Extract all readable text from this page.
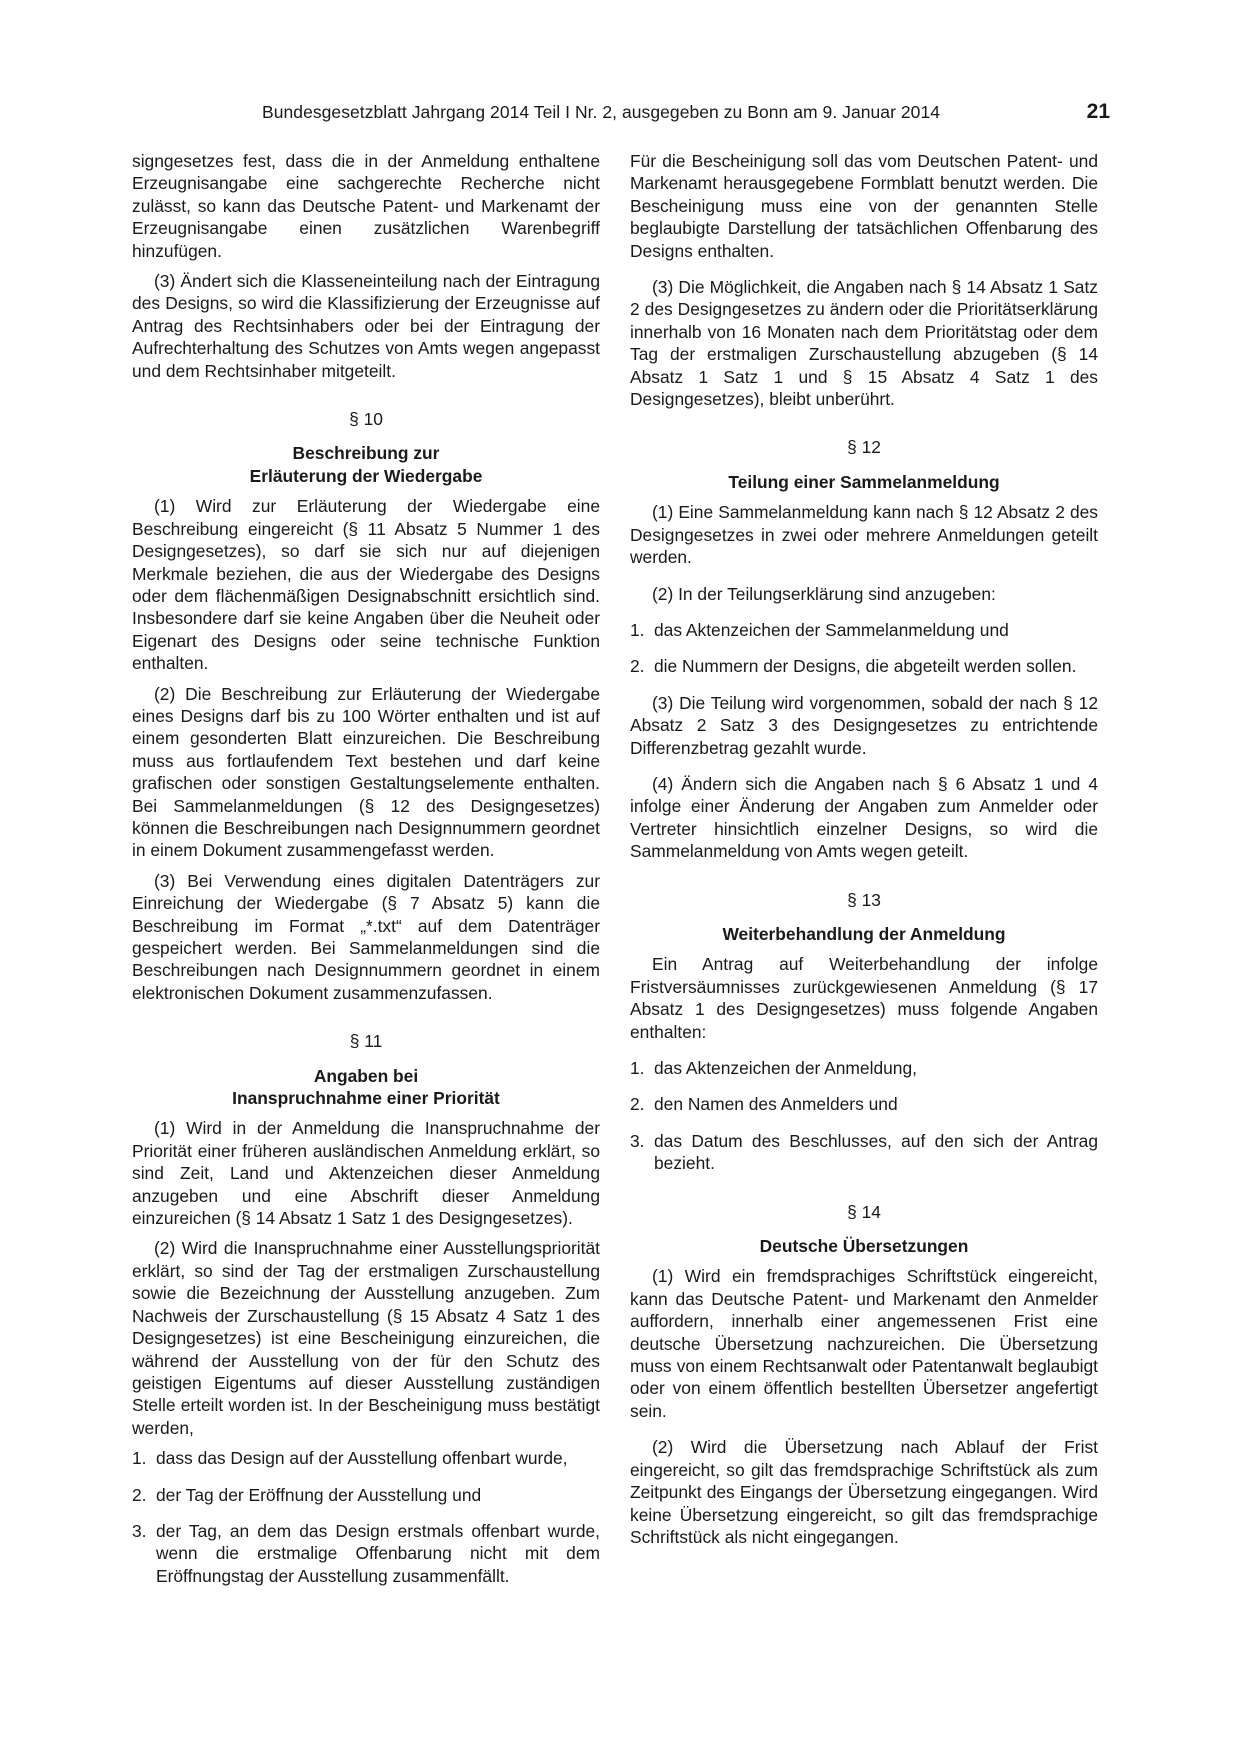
Bundesgesetzblatt Jahrgang 2014 Teil I Nr. 2, ausgegeben zu Bonn am 9. Januar 2014	21

signgesetzes fest, dass die in der Anmeldung enthaltene Erzeugnisangabe eine sachgerechte Recherche nicht zulässt, so kann das Deutsche Patent- und Markenamt der Erzeugnisangabe einen zusätzlichen Warenbegriff hinzufügen.

(3) Ändert sich die Klasseneinteilung nach der Eintragung des Designs, so wird die Klassifizierung der Erzeugnisse auf Antrag des Rechtsinhabers oder bei der Eintragung der Aufrechterhaltung des Schutzes von Amts wegen angepasst und dem Rechtsinhaber mitgeteilt.

§ 10

Beschreibung zur
Erläuterung der Wiedergabe

(1) Wird zur Erläuterung der Wiedergabe eine Beschreibung eingereicht (§ 11 Absatz 5 Nummer 1 des Designgesetzes), so darf sie sich nur auf diejenigen Merkmale beziehen, die aus der Wiedergabe des Designs oder dem flächenmäßigen Designabschnitt ersichtlich sind. Insbesondere darf sie keine Angaben über die Neuheit oder Eigenart des Designs oder seine technische Funktion enthalten.

(2) Die Beschreibung zur Erläuterung der Wiedergabe eines Designs darf bis zu 100 Wörter enthalten und ist auf einem gesonderten Blatt einzureichen. Die Beschreibung muss aus fortlaufendem Text bestehen und darf keine grafischen oder sonstigen Gestaltungselemente enthalten. Bei Sammelanmeldungen (§ 12 des Designgesetzes) können die Beschreibungen nach Designnummern geordnet in einem Dokument zusammengefasst werden.

(3) Bei Verwendung eines digitalen Datenträgers zur Einreichung der Wiedergabe (§ 7 Absatz 5) kann die Beschreibung im Format „*.txt“ auf dem Datenträger gespeichert werden. Bei Sammelanmeldungen sind die Beschreibungen nach Designnummern geordnet in einem elektronischen Dokument zusammenzufassen.

§ 11

Angaben bei
Inanspruchnahme einer Priorität

(1) Wird in der Anmeldung die Inanspruchnahme der Priorität einer früheren ausländischen Anmeldung erklärt, so sind Zeit, Land und Aktenzeichen dieser Anmeldung anzugeben und eine Abschrift dieser Anmeldung einzureichen (§ 14 Absatz 1 Satz 1 des Designgesetzes).

(2) Wird die Inanspruchnahme einer Ausstellungspriorität erklärt, so sind der Tag der erstmaligen Zurschaustellung sowie die Bezeichnung der Ausstellung anzugeben. Zum Nachweis der Zurschaustellung (§ 15 Absatz 4 Satz 1 des Designgesetzes) ist eine Bescheinigung einzureichen, die während der Ausstellung von der für den Schutz des geistigen Eigentums auf dieser Ausstellung zuständigen Stelle erteilt worden ist. In der Bescheinigung muss bestätigt werden,

1. dass das Design auf der Ausstellung offenbart wurde,
2. der Tag der Eröffnung der Ausstellung und
3. der Tag, an dem das Design erstmals offenbart wurde, wenn die erstmalige Offenbarung nicht mit dem Eröffnungstag der Ausstellung zusammenfällt.

Für die Bescheinigung soll das vom Deutschen Patent- und Markenamt herausgegebene Formblatt benutzt werden. Die Bescheinigung muss eine von der genannten Stelle beglaubigte Darstellung der tatsächlichen Offenbarung des Designs enthalten.

(3) Die Möglichkeit, die Angaben nach § 14 Absatz 1 Satz 2 des Designgesetzes zu ändern oder die Prioritätserklärung innerhalb von 16 Monaten nach dem Prioritätstag oder dem Tag der erstmaligen Zurschaustellung abzugeben (§ 14 Absatz 1 Satz 1 und § 15 Absatz 4 Satz 1 des Designgesetzes), bleibt unberührt.

§ 12

Teilung einer Sammelanmeldung

(1) Eine Sammelanmeldung kann nach § 12 Absatz 2 des Designgesetzes in zwei oder mehrere Anmeldungen geteilt werden.

(2) In der Teilungserklärung sind anzugeben:

1. das Aktenzeichen der Sammelanmeldung und
2. die Nummern der Designs, die abgeteilt werden sollen.

(3) Die Teilung wird vorgenommen, sobald der nach § 12 Absatz 2 Satz 3 des Designgesetzes zu entrichtende Differenzbetrag gezahlt wurde.

(4) Ändern sich die Angaben nach § 6 Absatz 1 und 4 infolge einer Änderung der Angaben zum Anmelder oder Vertreter hinsichtlich einzelner Designs, so wird die Sammelanmeldung von Amts wegen geteilt.

§ 13

Weiterbehandlung der Anmeldung

Ein Antrag auf Weiterbehandlung der infolge Fristversäumnisses zurückgewiesenen Anmeldung (§ 17 Absatz 1 des Designgesetzes) muss folgende Angaben enthalten:

1. das Aktenzeichen der Anmeldung,
2. den Namen des Anmelders und
3. das Datum des Beschlusses, auf den sich der Antrag bezieht.

§ 14

Deutsche Übersetzungen

(1) Wird ein fremdsprachiges Schriftstück eingereicht, kann das Deutsche Patent- und Markenamt den Anmelder auffordern, innerhalb einer angemessenen Frist eine deutsche Übersetzung nachzureichen. Die Übersetzung muss von einem Rechtsanwalt oder Patentanwalt beglaubigt oder von einem öffentlich bestellten Übersetzer angefertigt sein.

(2) Wird die Übersetzung nach Ablauf der Frist eingereicht, so gilt das fremdsprachige Schriftstück als zum Zeitpunkt des Eingangs der Übersetzung eingegangen. Wird keine Übersetzung eingereicht, so gilt das fremdsprachige Schriftstück als nicht eingegangen.
